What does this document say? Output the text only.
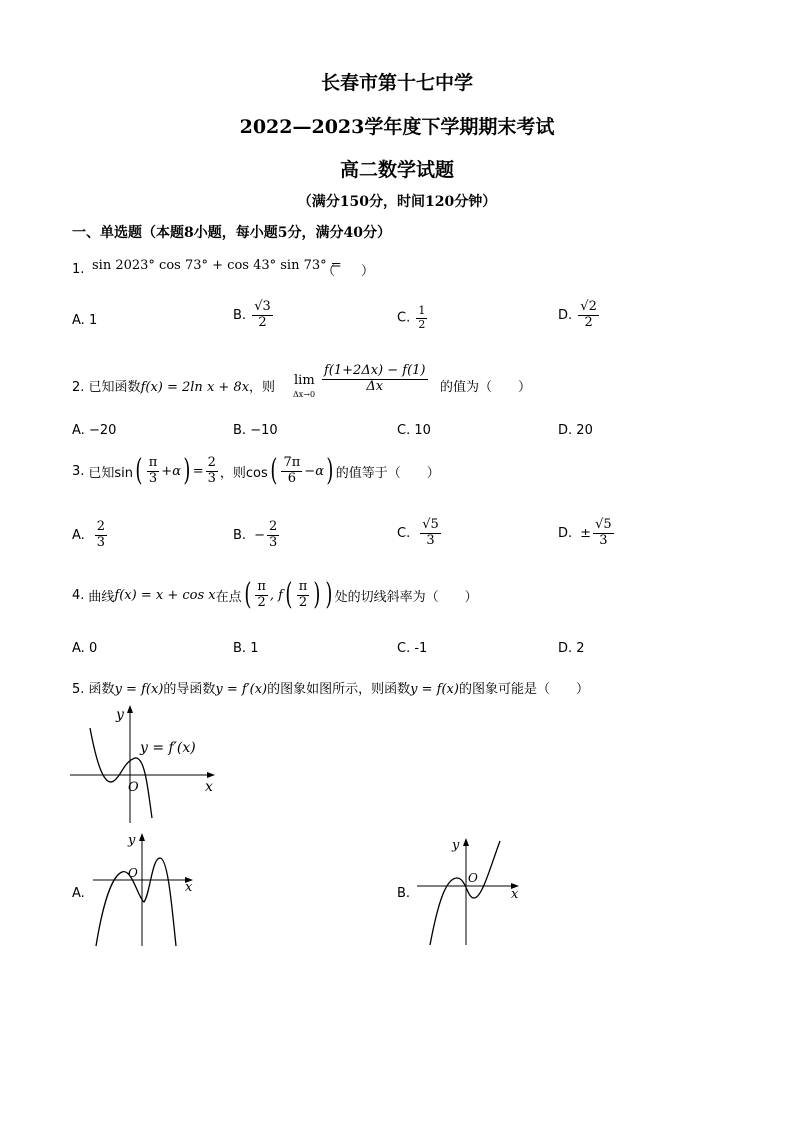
长春市第十七中学
2022—2023学年度下学期期末考试
高二数学试题
（满分150分，时间120分钟）
一、单选题（本题8小题，每小题5分，满分40分）
1. sin 2023° cos 73° + cos 43° sin 73° =
（　　）
A. 1	B. $\frac{√3}{2}$	C. $\frac{1}{2}$	D. $\frac{√2}{2}$
2. 已知函数f(x) = 2ln x + 8x，则 lim
$\Delta x\to 0 \frac{f(1+2\Delta x) - f(1)}{\Delta x}$ 的值为（　　）
A. −20	B. −10	C. 10	D. 20
3. 已知sin ( $\frac{\pi}{3} +\alpha$ ) = $\frac{2}{3}$ ，则cos ( $\frac{7\pi}{6} -\alpha$ ) 的值等于（　　）
A. $\frac{2}{3}$	B. − $\frac{2}{3}$	C. $\frac{√5}{3}$	D. ± $\frac{√5}{3}$
4. 曲线 f(x) = x + cos x 在点 ( $\frac{\pi}{2}$ , f ( $\frac{\pi}{2}$ ) ) 处的切线斜率为（　　）
A. 0	B. 1	C. -1	D. 2
5. 函数y = f(x)的导函数y = f′(x)的图象如图所示，则函数y = f(x)的图象可能是（　　）
y
x
O
y = f′(x)
A.
y
x
O
B.
y
x
O
